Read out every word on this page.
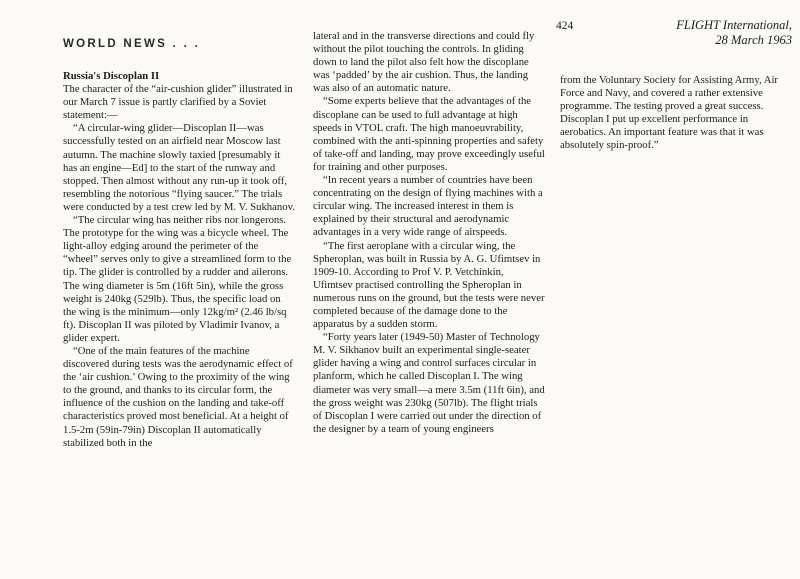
WORLD NEWS . . .
424	FLIGHT International,
28 March 1963

Russia's Discoplan II

The character of the “air-cushion glider” illustrated in our March 7 issue is partly clarified by a Soviet statement:—

“A circular-wing glider—Discoplan II—was successfully tested on an airfield near Moscow last autumn. The machine slowly taxied [presumably it has an engine—Ed] to the start of the runway and stopped. Then almost without any run-up it took off, resembling the notorious “flying saucer.” The trials were conducted by a test crew led by M. V. Sukhanov.

“The circular wing has neither ribs nor longerons. The prototype for the wing was a bicycle wheel. The light-alloy edging around the perimeter of the “wheel” serves only to give a streamlined form to the tip. The glider is controlled by a rudder and ailerons. The wing diameter is 5m (16ft 5in), while the gross weight is 240kg (529lb). Thus, the specific load on the wing is the minimum—only 12kg/m² (2.46 lb/sq ft). Discoplan II was piloted by Vladimir Ivanov, a glider expert.

“One of the main features of the machine discovered during tests was the aerodynamic effect of the ‘air cushion.’ Owing to the proximity of the wing to the ground, and thanks to its circular form, the influence of the cushion on the landing and take-off characteristics proved most beneficial. At a height of 1.5-2m (59in-79in) Discoplan II automatically stabilized both in the

lateral and in the transverse directions and could fly without the pilot touching the controls. In gliding down to land the pilot also felt how the discoplane was ‘padded’ by the air cushion. Thus, the landing was also of an automatic nature.

“Some experts believe that the advantages of the discoplane can be used to full advantage at high speeds in VTOL craft. The high manoeuvrability, combined with the anti-spinning properties and safety of take-off and landing, may prove exceedingly useful for training and other purposes.

“In recent years a number of countries have been concentrating on the design of flying machines with a circular wing. The increased interest in them is explained by their structural and aerodynamic advantages in a very wide range of airspeeds.

“The first aeroplane with a circular wing, the Spheroplan, was built in Russia by A. G. Ufimtsev in 1909-10. According to Prof V. P. Vetchinkin, Ufimtsev practised controlling the Spheroplan in numerous runs on the ground, but the tests were never completed because of the damage done to the apparatus by a sudden storm.

“Forty years later (1949-50) Master of Technology M. V. Sikhanov built an experimental single-seater glider having a wing and control surfaces circular in planform, which he called Discoplan I. The wing diameter was very small—a mere 3.5m (11ft 6in), and the gross weight was 230kg (507lb). The flight trials of Discoplan I were carried out under the direction of the designer by a team of young engineers

from the Voluntary Society for Assisting Army, Air Force and Navy, and covered a rather extensive programme. The testing proved a great success. Discoplan I put up excellent performance in aerobatics. An important feature was that it was absolutely spin-proof.”
